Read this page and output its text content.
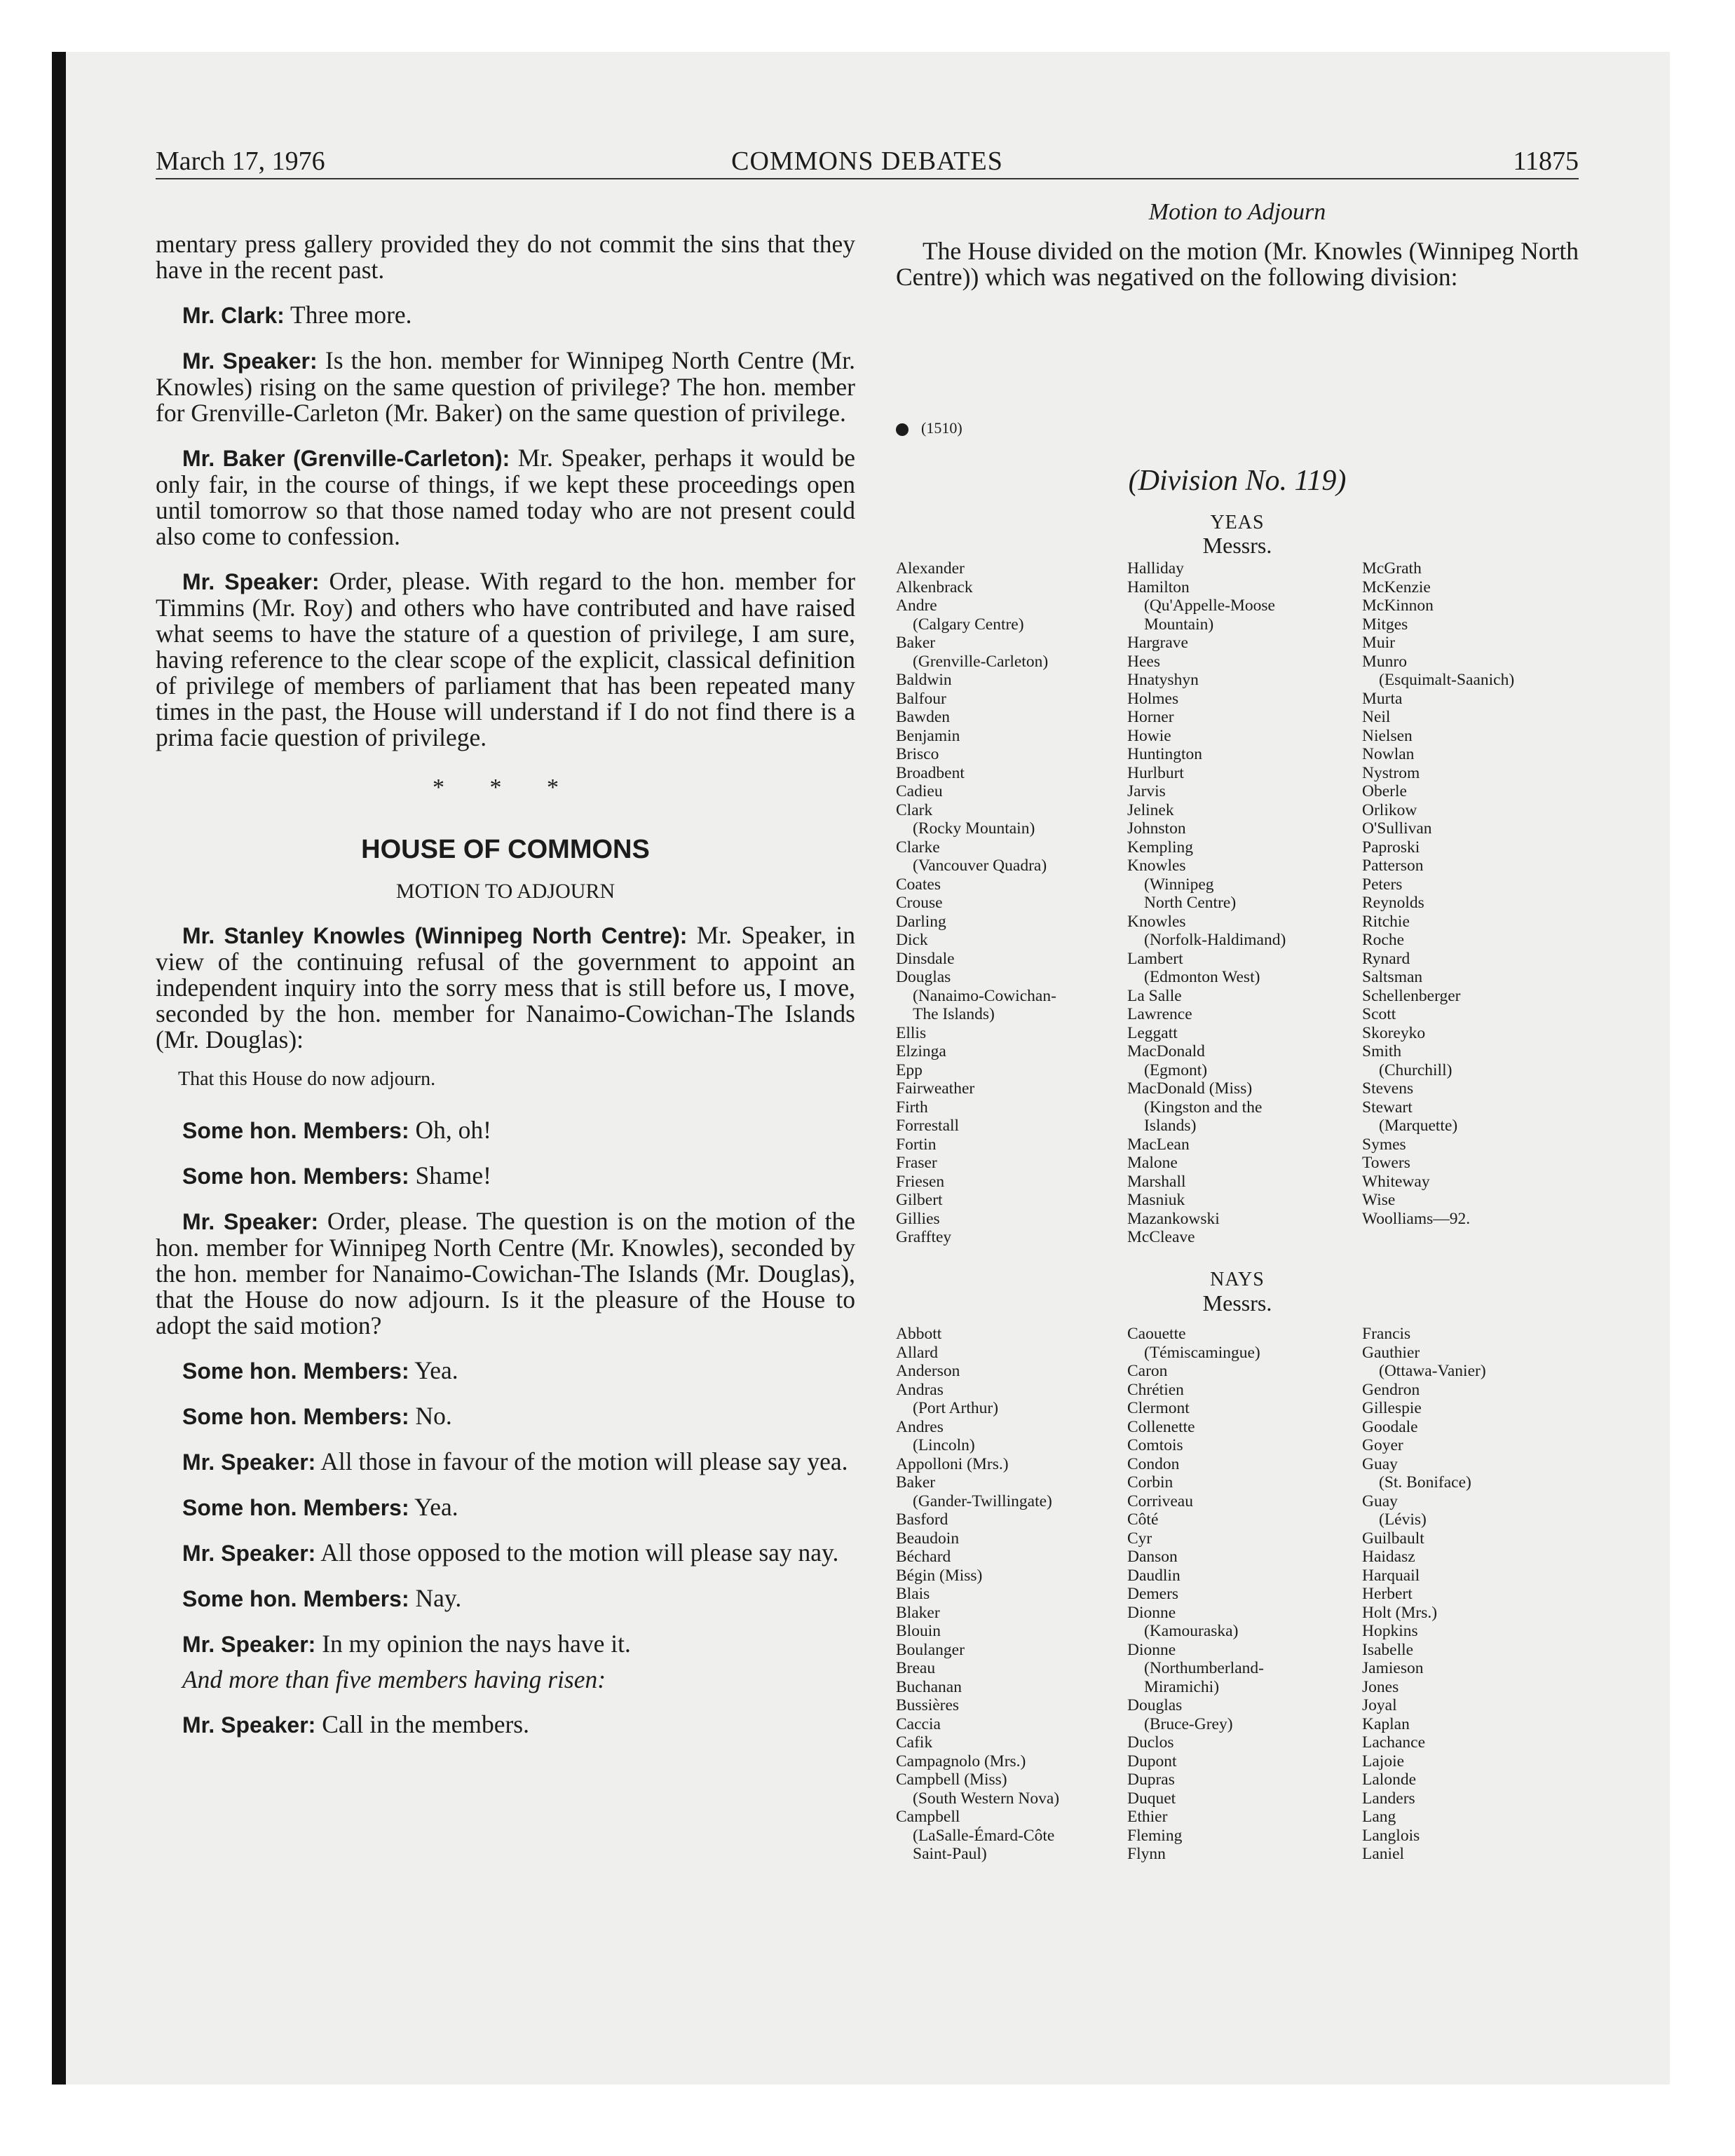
COMMONS DEBATES
March 17, 1976	11875

mentary press gallery provided they do not commit the sins that they have in the recent past.

Mr. Clark: Three more.

Mr. Speaker: Is the hon. member for Winnipeg North Centre (Mr. Knowles) rising on the same question of privilege? The hon. member for Grenville-Carleton (Mr. Baker) on the same question of privilege.

Mr. Baker (Grenville-Carleton): Mr. Speaker, perhaps it would be only fair, in the course of things, if we kept these proceedings open until tomorrow so that those named today who are not present could also come to confession.

Mr. Speaker: Order, please. With regard to the hon. member for Timmins (Mr. Roy) and others who have contributed and have raised what seems to have the stature of a question of privilege, I am sure, having reference to the clear scope of the explicit, classical definition of privilege of members of parliament that has been repeated many times in the past, the House will understand if I do not find there is a prima facie question of privilege.

* * *
HOUSE OF COMMONS
MOTION TO ADJOURN

Mr. Stanley Knowles (Winnipeg North Centre): Mr. Speaker, in view of the continuing refusal of the government to appoint an independent inquiry into the sorry mess that is still before us, I move, seconded by the hon. member for Nanaimo-Cowichan-The Islands (Mr. Douglas):

That this House do now adjourn.

Some hon. Members: Oh, oh!

Some hon. Members: Shame!

Mr. Speaker: Order, please. The question is on the motion of the hon. member for Winnipeg North Centre (Mr. Knowles), seconded by the hon. member for Nanaimo-Cowichan-The Islands (Mr. Douglas), that the House do now adjourn. Is it the pleasure of the House to adopt the said motion?

Some hon. Members: Yea.

Some hon. Members: No.

Mr. Speaker: All those in favour of the motion will please say yea.

Some hon. Members: Yea.

Mr. Speaker: All those opposed to the motion will please say nay.

Some hon. Members: Nay.

Mr. Speaker: In my opinion the nays have it.

And more than five members having risen:

Mr. Speaker: Call in the members.

Motion to Adjourn

The House divided on the motion (Mr. Knowles (Winnipeg North Centre)) which was negatived on the following division:

(1510)
(Division No. 119)
YEAS
Messrs.
Alexander
Alkenbrack
Andre
(Calgary Centre)
Baker
(Grenville-Carleton)
Baldwin
Balfour
Bawden
Benjamin
Brisco
Broadbent
Cadieu
Clark
(Rocky Mountain)
Clarke
(Vancouver Quadra)
Coates
Crouse
Darling
Dick
Dinsdale
Douglas
(Nanaimo-Cowichan-
The Islands)
Ellis
Elzinga
Epp
Fairweather
Firth
Forrestall
Fortin
Fraser
Friesen
Gilbert
Gillies
Grafftey
Halliday
Hamilton
(Qu'Appelle-Moose
Mountain)
Hargrave
Hees
Hnatyshyn
Holmes
Horner
Howie
Huntington
Hurlburt
Jarvis
Jelinek
Johnston
Kempling
Knowles
(Winnipeg
North Centre)
Knowles
(Norfolk-Haldimand)
Lambert
(Edmonton West)
La Salle
Lawrence
Leggatt
MacDonald
(Egmont)
MacDonald (Miss)
(Kingston and the
Islands)
MacLean
Malone
Marshall
Masniuk
Mazankowski
McCleave
McGrath
McKenzie
McKinnon
Mitges
Muir
Munro
(Esquimalt-Saanich)
Murta
Neil
Nielsen
Nowlan
Nystrom
Oberle
Orlikow
O'Sullivan
Paproski
Patterson
Peters
Reynolds
Ritchie
Roche
Rynard
Saltsman
Schellenberger
Scott
Skoreyko
Smith
(Churchill)
Stevens
Stewart
(Marquette)
Symes
Towers
Whiteway
Wise
Woolliams—92.
NAYS
Messrs.
Abbott
Allard
Anderson
Andras
(Port Arthur)
Andres
(Lincoln)
Appolloni (Mrs.)
Baker
(Gander-Twillingate)
Basford
Beaudoin
Béchard
Bégin (Miss)
Blais
Blaker
Blouin
Boulanger
Breau
Buchanan
Bussières
Caccia
Cafik
Campagnolo (Mrs.)
Campbell (Miss)
(South Western Nova)
Campbell
(LaSalle-Émard-Côte
Saint-Paul)
Caouette
(Témiscamingue)
Caron
Chrétien
Clermont
Collenette
Comtois
Condon
Corbin
Corriveau
Côté
Cyr
Danson
Daudlin
Demers
Dionne
(Kamouraska)
Dionne
(Northumberland-
Miramichi)
Douglas
(Bruce-Grey)
Duclos
Dupont
Dupras
Duquet
Ethier
Fleming
Flynn
Francis
Gauthier
(Ottawa-Vanier)
Gendron
Gillespie
Goodale
Goyer
Guay
(St. Boniface)
Guay
(Lévis)
Guilbault
Haidasz
Harquail
Herbert
Holt (Mrs.)
Hopkins
Isabelle
Jamieson
Jones
Joyal
Kaplan
Lachance
Lajoie
Lalonde
Landers
Lang
Langlois
Laniel
